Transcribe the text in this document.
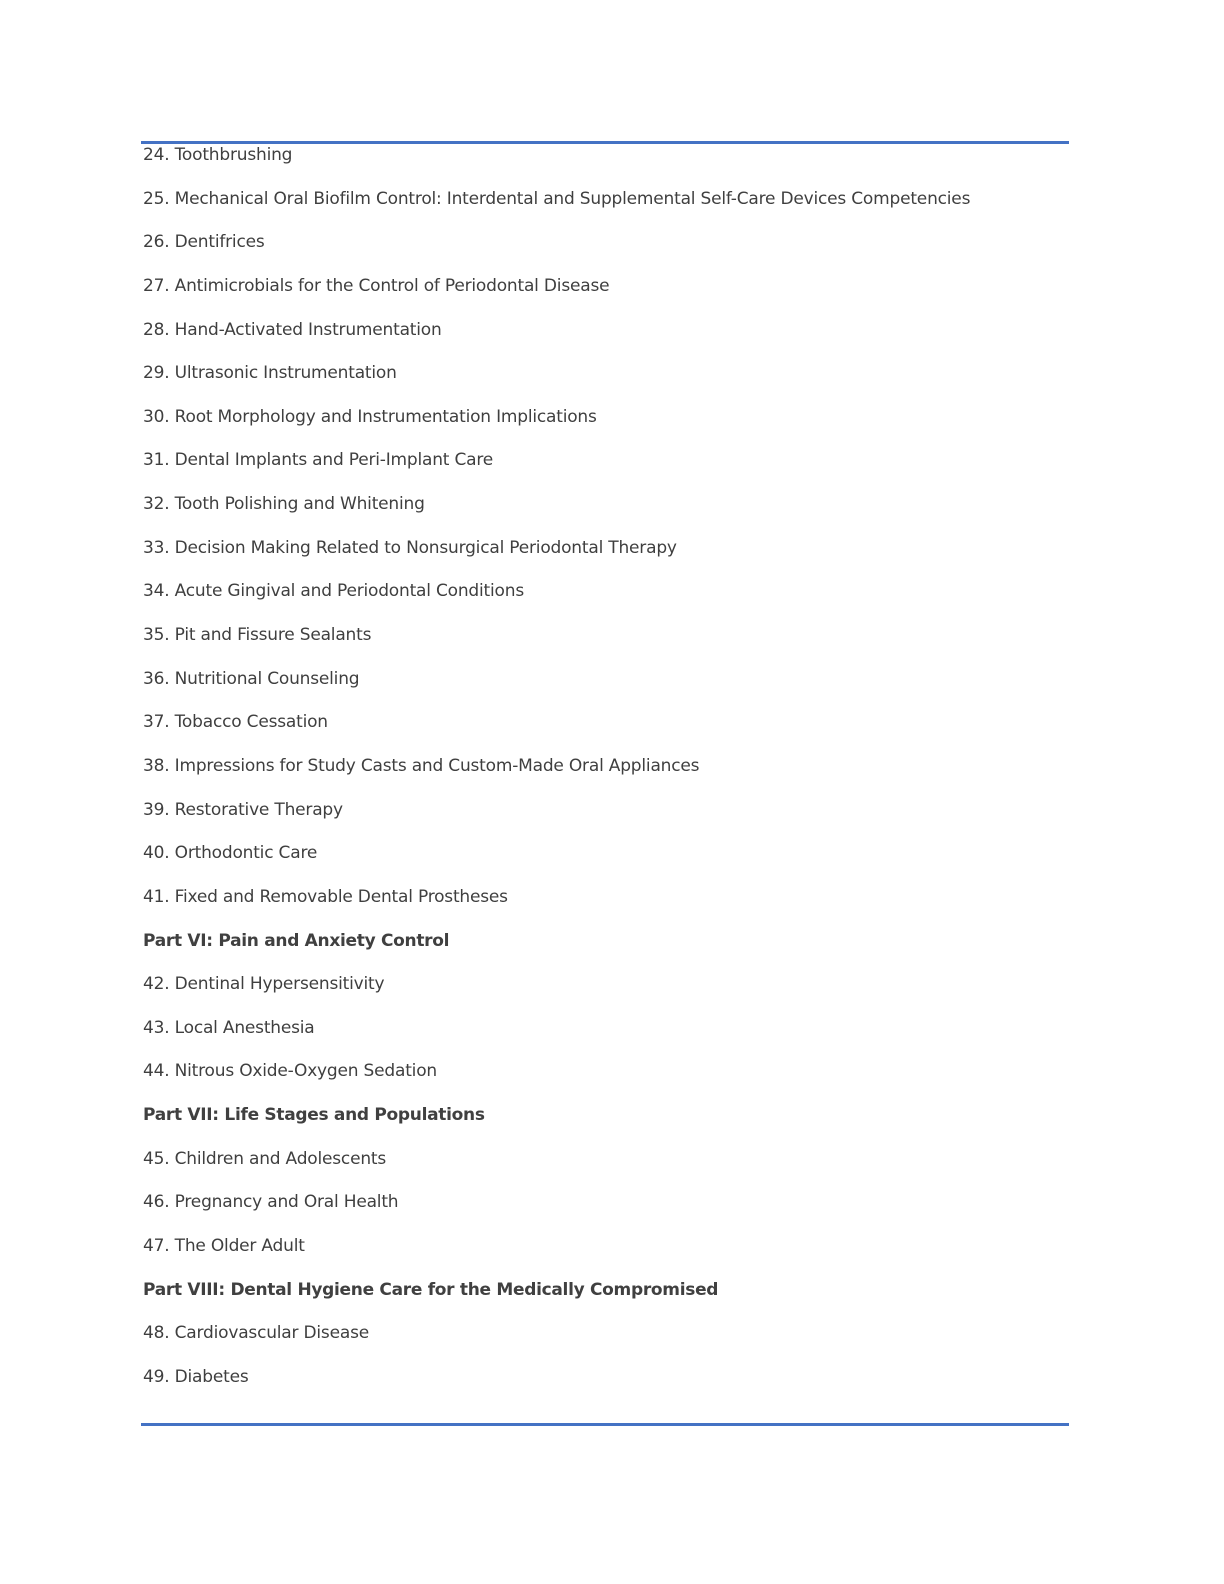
24. Toothbrushing
25. Mechanical Oral Biofilm Control: Interdental and Supplemental Self-Care Devices Competencies
26. Dentifrices
27. Antimicrobials for the Control of Periodontal Disease
28. Hand-Activated Instrumentation
29. Ultrasonic Instrumentation
30. Root Morphology and Instrumentation Implications
31. Dental Implants and Peri-Implant Care
32. Tooth Polishing and Whitening
33. Decision Making Related to Nonsurgical Periodontal Therapy
34. Acute Gingival and Periodontal Conditions
35. Pit and Fissure Sealants
36. Nutritional Counseling
37. Tobacco Cessation
38. Impressions for Study Casts and Custom-Made Oral Appliances
39. Restorative Therapy
40. Orthodontic Care
41. Fixed and Removable Dental Prostheses
Part VI: Pain and Anxiety Control
42. Dentinal Hypersensitivity
43. Local Anesthesia
44. Nitrous Oxide-Oxygen Sedation
Part VII: Life Stages and Populations
45. Children and Adolescents
46. Pregnancy and Oral Health
47. The Older Adult
Part VIII: Dental Hygiene Care for the Medically Compromised
48. Cardiovascular Disease
49. Diabetes
